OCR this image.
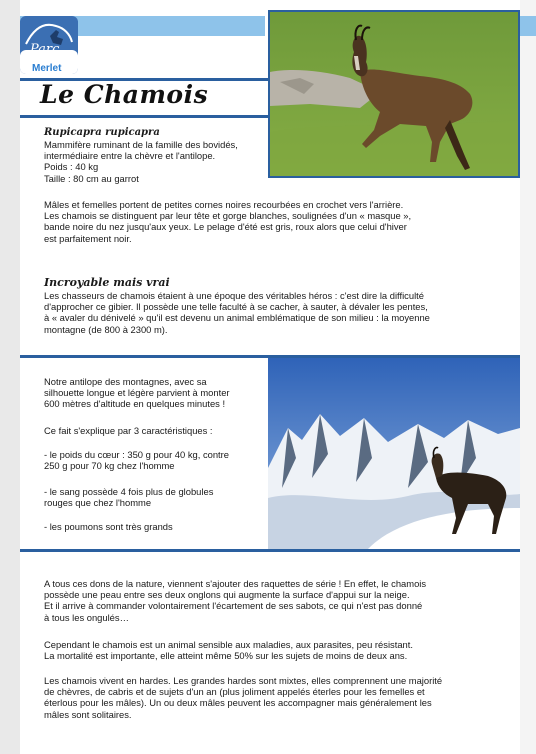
Parc
Merlet
Le Chamois

Rupicapra rupicapra

Mammifère ruminant de la famille des bovidés,

intermédiaire entre la chèvre et l'antilope.

Poids : 40 kg

Taille : 80 cm au garrot

Mâles et femelles portent de petites cornes noires recourbées en crochet vers l'arrière.

Les chamois se distinguent par leur tête et gorge blanches, soulignées d'un « masque »,

bande noire du nez jusqu'aux yeux. Le pelage d'été est gris, roux alors que celui d'hiver

est parfaitement noir.

Incroyable mais vrai

Les chasseurs de chamois étaient à une époque des véritables héros : c'est dire la difficulté

d'approcher ce gibier. Il possède une telle faculté à se cacher, à sauter, à dévaler les pentes,

à « avaler du dénivelé » qu'il est devenu un animal emblématique de son milieu : la moyenne

montagne (de 800 à 2300 m).

Notre antilope des montagnes, avec sa

silhouette longue et légère parvient à monter

600 mètres d'altitude en quelques minutes !

Ce fait s'explique par 3 caractéristiques :

- le poids du cœur : 350 g pour 40 kg, contre

250 g pour 70 kg chez l'homme

- le sang possède 4 fois plus de globules

rouges que chez l'homme

- les poumons sont très grands

A tous ces dons de la nature, viennent s'ajouter des raquettes de série ! En effet, le chamois

possède une peau entre ses deux onglons qui augmente la surface d'appui sur la neige.

Et il arrive à commander volontairement l'écartement de ses sabots, ce qui n'est pas donné

à tous les ongulés…

Cependant le chamois est un animal sensible aux maladies, aux parasites, peu résistant.

La mortalité est importante, elle atteint même 50% sur les sujets de moins de deux ans.

Les chamois vivent en hardes. Les grandes hardes sont mixtes, elles comprennent une majorité

de chèvres, de cabris et de sujets d'un an (plus joliment appelés éterles pour les femelles et

éterlous pour les mâles). Un ou deux mâles peuvent les accompagner mais généralement les

mâles sont solitaires.
